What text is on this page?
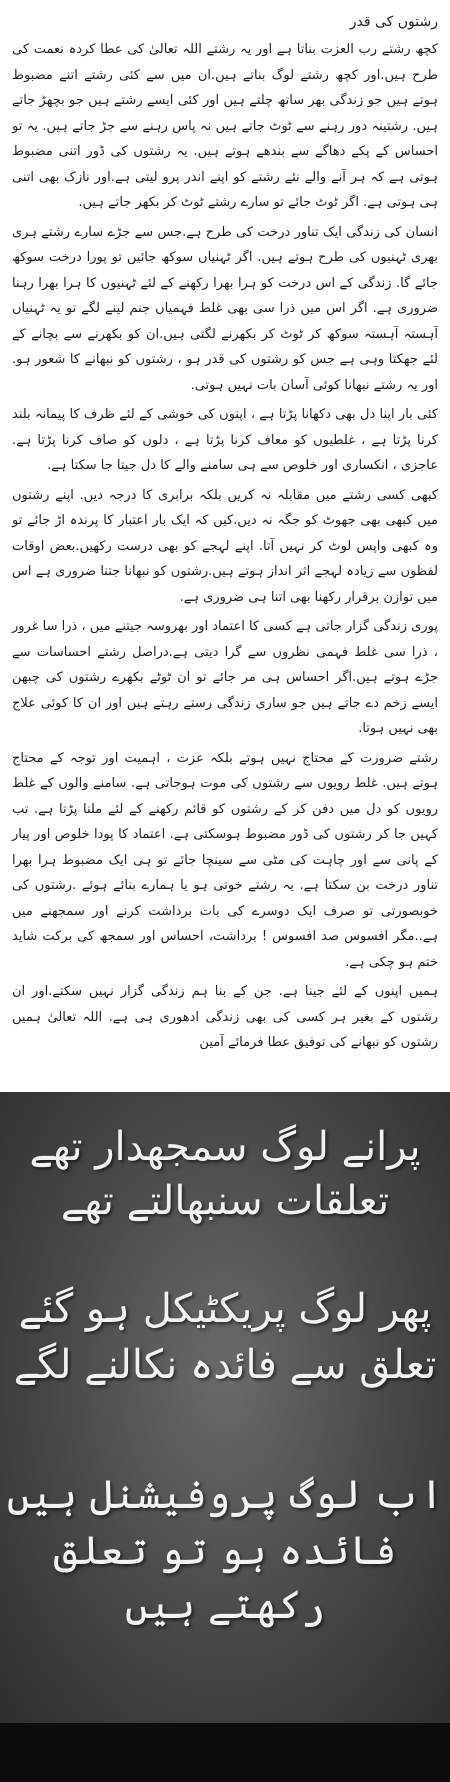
رشتوں کی قدر

کچھ رشتے رب العزت بناتا ہے اور یہ رشتے اللہ تعالیٰ کی عطا کردہ نعمت کی طرح ہیں.اور کچھ رشتے لوگ بناتے ہیں.ان میں سے کئی رشتے اتنے مضبوط ہوتے ہیں جو زندگی بھر ساتھ چلتے ہیں اور کئی ایسے رشتے ہیں جو بچھڑ جاتے ہیں. رشتینہ دور رہنے سے ٹوٹ جاتے ہیں نہ پاس رہنے سے جڑ جاتے ہیں. یہ تو احساس کے پکے دھاگے سے بندھے ہوتے ہیں. یہ رشتوں کی ڈور اتنی مضبوط ہوتی ہے کہ ہر آنے والے نئے رشتے کو اپنے اندر پرو لیتی ہے.اور نازک بھی اتنی ہی ہوتی ہے. اگر ٹوٹ جائے تو سارے رشتے ٹوٹ کر بکھر جاتے ہیں.

انسان کی زندگی ایک تناور درخت کی طرح ہے.جس سے جڑے سارے رشتے ہری بھری ٹہنیوں کی طرح ہوتے ہیں. اگر ٹہنیاں سوکھ جائیں تو پورا درخت سوکھ جائے گا. زندگی کے اس درخت کو ہرا بھرا رکھنے کے لئے ٹہنیوں کا ہرا بھرا رہنا ضروری ہے. اگر اس میں ذرا سی بھی غلط فہمیاں جنم لینے لگے تو یہ ٹہنیاں آہستہ آہستہ سوکھ کر ٹوٹ کر بکھرنے لگتی ہیں.ان کو بکھرنے سے بچانے کے لئے جھکتا وہی ہے جس کو رشتوں کی قدر ہو ، رشتوں کو نبھانے کا شعور ہو. اور یہ رشتے نبھانا کوئی آسان بات نہیں ہوتی.

کئی بار اپنا دل بھی دکھانا پڑتا ہے ، اپنوں کی خوشی کے لئے ظرف کا پیمانہ بلند کرنا پڑتا ہے ، غلطیوں کو معاف کرنا پڑتا ہے ، دلوں کو صاف کرنا پڑتا ہے. عاجزی ، انکساری اور خلوص سے ہی سامنے والے کا دل جیتا جا سکتا ہے.

کبھی کسی رشتے میں مقابلہ نہ کریں بلکہ برابری کا درجہ دیں. اپنے رشتوں میں کبھی بھی جھوٹ کو جگہ نہ دیں.کیں کہ ایک بار اعتبار کا پرندہ اڑ جائے تو وہ کبھی واپس لوٹ کر نہیں آتا. اپنے لہجے کو بھی درست رکھیں.بعض اوقات لفظوں سے زیادہ لہجے اثر انداز ہوتے ہیں.رشتوں کو نبھانا جتنا ضروری ہے اس میں توازن برقرار رکھنا بھی اتنا ہی ضروری ہے.

پوری زندگی گزار جاتی ہے کسی کا اعتماد اور بھروسہ جیتنے میں ، ذرا سا غرور ، ذرا سی غلط فہمی نظروں سے گرا دیتی ہے.دراصل رشتے احساسات سے جڑے ہوتے ہیں.اگر احساس ہی مر جائے تو ان ٹوٹے بکھرے رشتوں کی چبھن ایسے زخم دے جاتے ہیں جو ساری زندگی رستے رہتے ہیں اور ان کا کوئی علاج بھی نہیں ہوتا.

رشتے ضرورت کے محتاج نہیں ہوتے بلکہ عزت ، اہمیت اور توجہ کے محتاج ہوتے ہیں. غلط رویوں سے رشتوں کی موت ہوجاتی ہے. سامنے والوں کے غلط رویوں کو دل میں دفن کر کے رشتوں کو قائم رکھنے کے لئے ملنا پڑتا ہے. تب کہیں جا کر رشتوں کی ڈور مضبوط ہوسکتی ہے. اعتماد کا پودا خلوص اور پیار کے پانی سے اور چاہت کی مٹی سے سینچا جائے تو ہی ایک مضبوط ہرا بھرا تناور درخت بن سکتا ہے. یہ رشتے خونی ہو یا ہمارے بنائے ہوئے .رشتوں کی خوبصورتی تو صرف ایک دوسرے کی بات برداشت کرنے اور سمجھنے میں ہے..مگر افسوس صد افسوس ! برداشت، احساس اور سمجھ کی برکت شاید ختم ہو چکی ہے.

ہمیں اپنوں کے لئے جینا ہے. جن کے بنا ہم زندگی گزار نہیں سکتے.اور ان رشتوں کے بغیر ہر کسی کی بھی زندگی ادھوری ہی ہے. اللہ تعالیٰ ہمیں رشتوں کو نبھانے کی توفیق عطا فرمائے آمین

پرانے لوگ سمجھدار تھے
تعلقات سنبھالتے تھے
پھر لوگ پریکٹیکل ہو گئے
تعلق سے فائدہ نکالنے لگے
اب لوگ پروفیشنل ہیں
فائدہ ہو تو تعلق رکھتے ہیں
